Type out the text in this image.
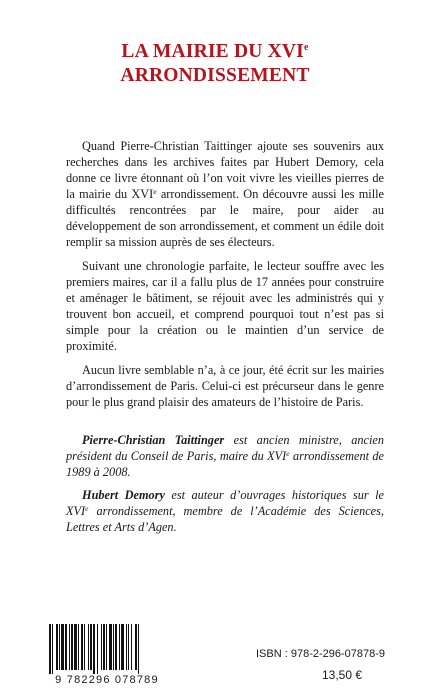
LA MAIRIE DU XVIe
ARRONDISSEMENT

Quand Pierre-Christian Taittinger ajoute ses souvenirs aux recherches dans les archives faites par Hubert Demory, cela donne ce livre étonnant où l’on voit vivre les vieilles pierres de la mairie du XVIe arrondissement. On découvre aussi les mille difficultés rencontrées par le maire, pour aider au développement de son arrondissement, et comment un édile doit remplir sa mission auprès de ses électeurs.

Suivant une chronologie parfaite, le lecteur souffre avec les premiers maires, car il a fallu plus de 17 années pour construire et aménager le bâtiment, se réjouit avec les administrés qui y trouvent bon accueil, et comprend pourquoi tout n’est pas si simple pour la création ou le maintien d’un service de proximité.

Aucun livre semblable n’a, à ce jour, été écrit sur les mairies d’arrondissement de Paris. Celui-ci est précurseur dans le genre pour le plus grand plaisir des amateurs de l’histoire de Paris.

Pierre-Christian Taittinger est ancien ministre, ancien président du Conseil de Paris, maire du XVIe arrondissement de 1989 à 2008.

Hubert Demory est auteur d’ouvrages historiques sur le XVIe arrondissement, membre de l’Académie des Sciences, Lettres et Arts d’Agen.

9 782296 078789
ISBN : 978-2-296-07878-9
13,50 €
